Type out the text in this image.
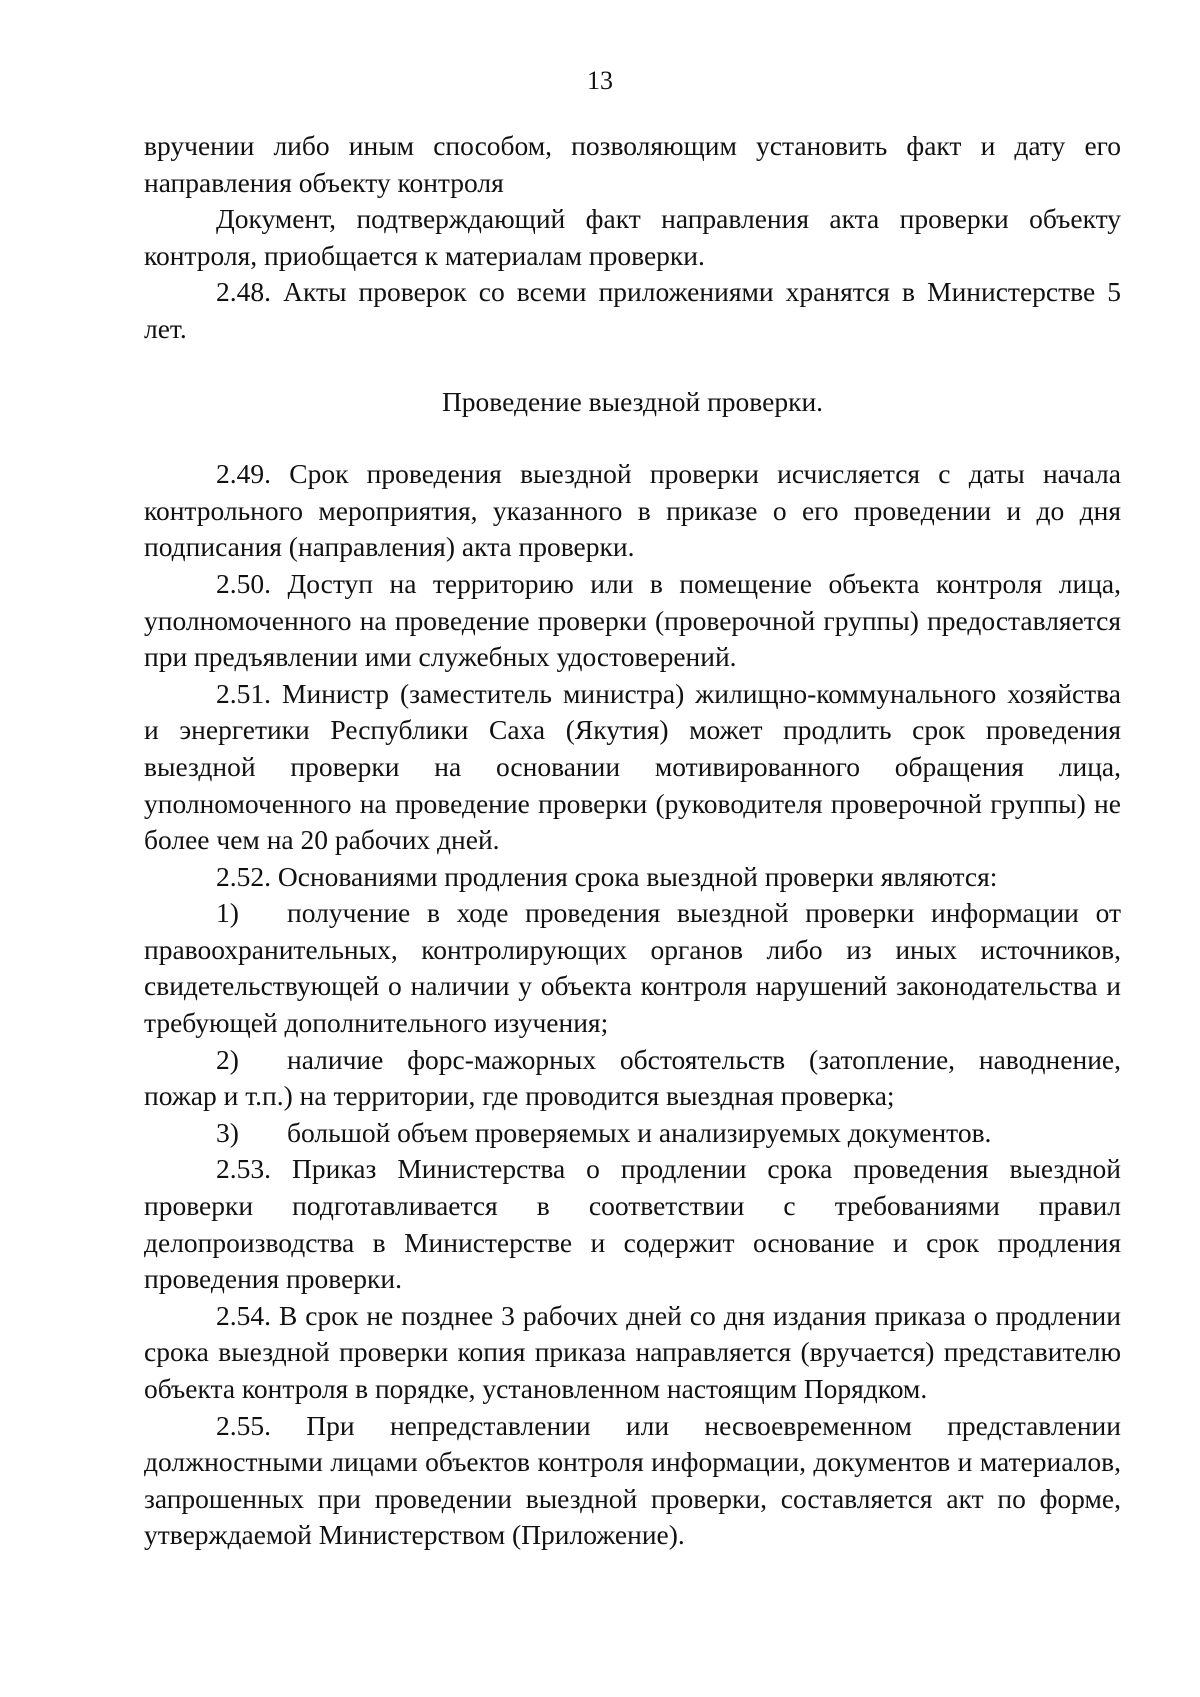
13

вручении либо иным способом, позволяющим установить факт и дату его направления объекту контроля

Документ, подтверждающий факт направления акта проверки объекту контроля, приобщается к материалам проверки.

2.48. Акты проверок со всеми приложениями хранятся в Министерстве 5 лет.

Проведение выездной проверки.

2.49. Срок проведения выездной проверки исчисляется с даты начала контрольного мероприятия, указанного в приказе о его проведении и до дня подписания (направления) акта проверки.

2.50. Доступ на территорию или в помещение объекта контроля лица, уполномоченного на проведение проверки (проверочной группы) предоставляется при предъявлении ими служебных удостоверений.

2.51. Министр (заместитель министра) жилищно-коммунального хозяйства и энергетики Республики Саха (Якутия) может продлить срок проведения выездной проверки на основании мотивированного обращения лица, уполномоченного на проведение проверки (руководителя проверочной группы) не более чем на 20 рабочих дней.

2.52. Основаниями продления срока выездной проверки являются:

1) получение в ходе проведения выездной проверки информации от правоохранительных, контролирующих органов либо из иных источников, свидетельствующей о наличии у объекта контроля нарушений законодательства и требующей дополнительного изучения;

2) наличие форс-мажорных обстоятельств (затопление, наводнение, пожар и т.п.) на территории, где проводится выездная проверка;

3) большой объем проверяемых и анализируемых документов.

2.53. Приказ Министерства о продлении срока проведения выездной проверки подготавливается в соответствии с требованиями правил делопроизводства в Министерстве и содержит основание и срок продления проведения проверки.

2.54. В срок не позднее 3 рабочих дней со дня издания приказа о продлении срока выездной проверки копия приказа направляется (вручается) представителю объекта контроля в порядке, установленном настоящим Порядком.

2.55. При непредставлении или несвоевременном представлении должностными лицами объектов контроля информации, документов и материалов, запрошенных при проведении выездной проверки, составляется акт по форме, утверждаемой Министерством (Приложение).
